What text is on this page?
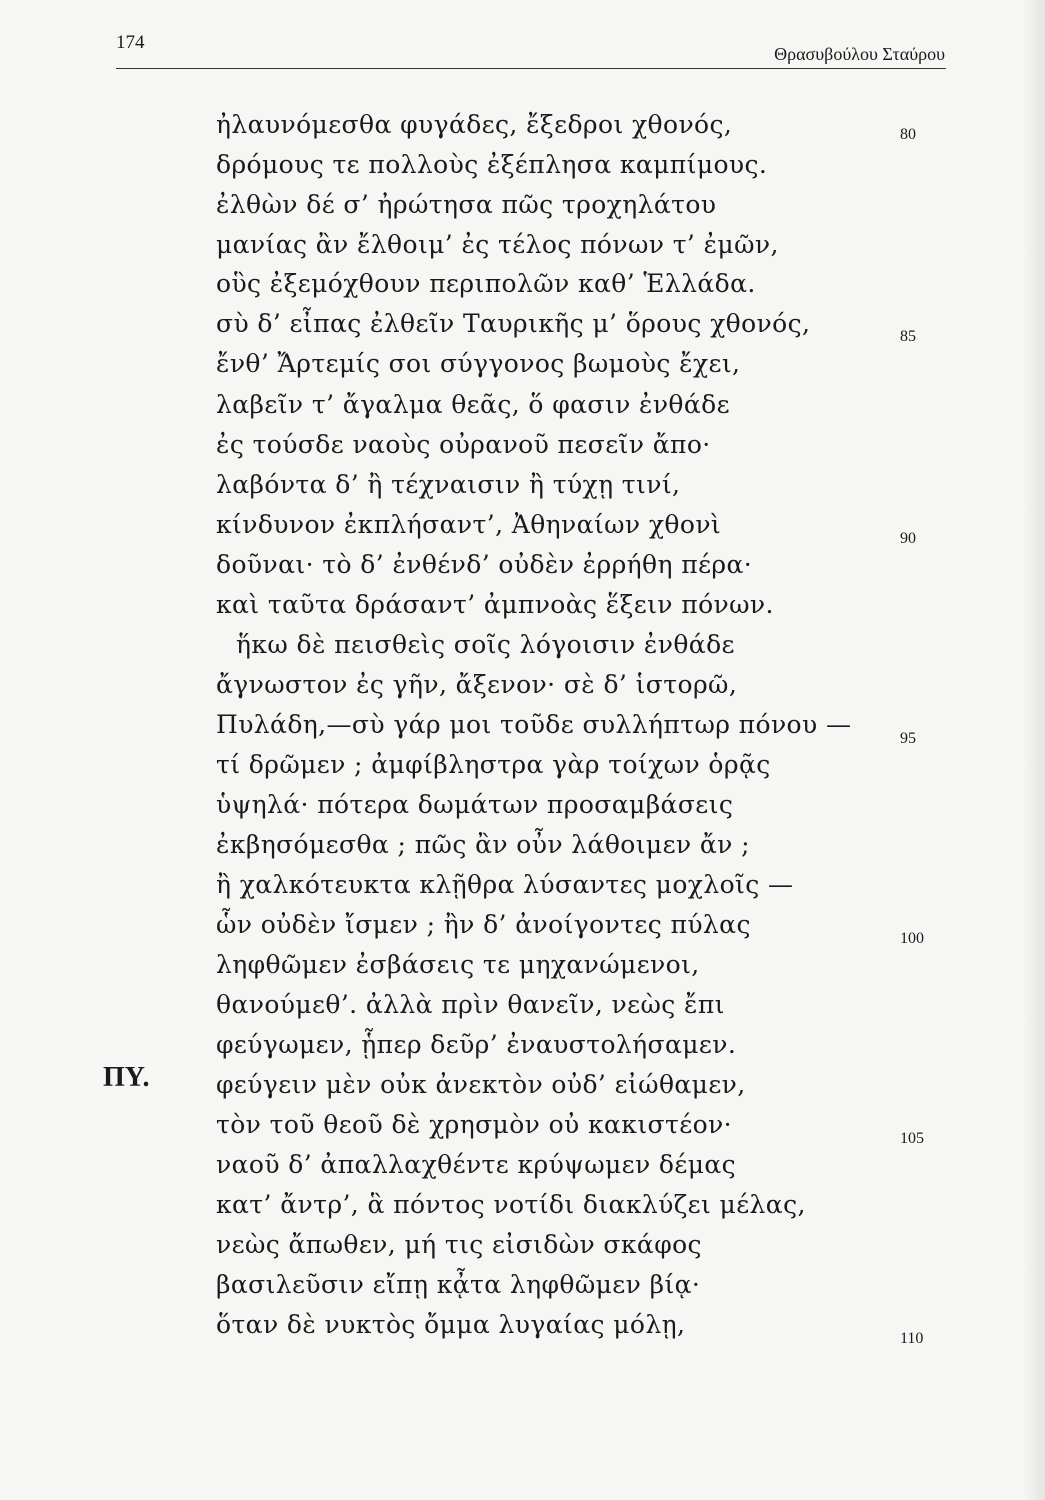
174
Θρασυβούλου Σταύρου
ΠΥ.
ἠλαυνόμεσθα φυγάδες, ἔξεδροι χθονός,
δρόμους τε πολλοὺς ἐξέπλησα καμπίμους.
ἐλθὼν δέ σ’ ἠρώτησα πῶς τροχηλάτου
μανίας ἂν ἔλθοιμ’ ἐς τέλος πόνων τ’ ἐμῶν,
οὓς ἐξεμόχθουν περιπολῶν καθ’ Ἑλλάδα.
σὺ δ’ εἶπας ἐλθεῖν Ταυρικῆς μ’ ὅρους χθονός,
ἔνθ’ Ἄρτεμίς σοι σύγγονος βωμοὺς ἔχει,
λαβεῖν τ’ ἄγαλμα θεᾶς, ὅ φασιν ἐνθάδε
ἐς τούσδε ναοὺς οὐρανοῦ πεσεῖν ἄπο·
λαβόντα δ’ ἢ τέχναισιν ἢ τύχῃ τινί,
κίνδυνον ἐκπλήσαντ’, Ἀθηναίων χθονὶ
δοῦναι· τὸ δ’ ἐνθένδ’ οὐδὲν ἐρρήθη πέρα·
καὶ ταῦτα δράσαντ’ ἀμπνοὰς ἕξειν πόνων.
ἥκω δὲ πεισθεὶς σοῖς λόγοισιν ἐνθάδε
ἄγνωστον ἐς γῆν, ἄξενον· σὲ δ’ ἱστορῶ,
Πυλάδη,—σὺ γάρ μοι τοῦδε συλλήπτωρ πόνου —
τί δρῶμεν ; ἀμφίβληστρα γὰρ τοίχων ὁρᾷς
ὑψηλά· πότερα δωμάτων προσαμβάσεις
ἐκβησόμεσθα ; πῶς ἂν οὖν λάθοιμεν ἄν ;
ἢ χαλκότευκτα κλῇθρα λύσαντες μοχλοῖς —
ὧν οὐδὲν ἴσμεν ; ἢν δ’ ἀνοίγοντες πύλας
ληφθῶμεν ἐσβάσεις τε μηχανώμενοι,
θανούμεθ’. ἀλλὰ πρὶν θανεῖν, νεὼς ἔπι
φεύγωμεν, ᾗπερ δεῦρ’ ἐναυστολήσαμεν.
φεύγειν μὲν οὐκ ἀνεκτὸν οὐδ’ εἰώθαμεν,
τὸν τοῦ θεοῦ δὲ χρησμὸν οὐ κακιστέον·
ναοῦ δ’ ἀπαλλαχθέντε κρύψωμεν δέμας
κατ’ ἄντρ’, ἃ πόντος νοτίδι διακλύζει μέλας,
νεὼς ἄπωθεν, μή τις εἰσιδὼν σκάφος
βασιλεῦσιν εἴπῃ κᾆτα ληφθῶμεν βίᾳ·
ὅταν δὲ νυκτὸς ὄμμα λυγαίας μόλῃ,
80
85
90
95
100
105
110
